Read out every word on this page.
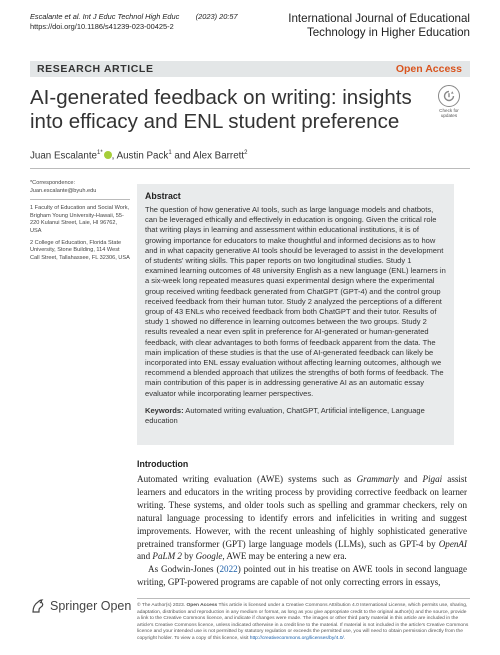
Escalante et al. Int J Educ Technol High Educ (2023) 20:57
https://doi.org/10.1186/s41239-023-00425-2
International Journal of Educational Technology in Higher Education
RESEARCH ARTICLE	Open Access
AI-generated feedback on writing: insights into efficacy and ENL student preference	Check for
updates
Juan Escalante$^{1*}$ , Austin Pack$^1$ and Alex Barrett$^2$

*Correspondence: Juan.escalante@byuh.edu

1 Faculty of Education and Social Work, Brigham Young University-Hawaii, 55-220 Kulanui Street, Laie, HI 96762, USA

2 College of Education, Florida State University, Stone Building, 114 West Call Street, Tallahassee, FL 32306, USA

Abstract

The question of how generative AI tools, such as large language models and chatbots, can be leveraged ethically and effectively in education is ongoing. Given the critical role that writing plays in learning and assessment within educational institutions, it is of growing importance for educators to make thoughtful and informed decisions as to how and in what capacity generative AI tools should be leveraged to assist in the development of students' writing skills. This paper reports on two longitudinal studies. Study 1 examined learning outcomes of 48 university English as a new language (ENL) learners in a six-week long repeated measures quasi experimental design where the experimental group received writing feedback generated from ChatGPT (GPT-4) and the control group received feedback from their human tutor. Study 2 analyzed the perceptions of a different group of 43 ENLs who received feedback from both ChatGPT and their tutor. Results of study 1 showed no difference in learning outcomes between the two groups. Study 2 results revealed a near even split in preference for AI-generated or human-generated feedback, with clear advantages to both forms of feedback apparent from the data. The main implication of these studies is that the use of AI-generated feedback can likely be incorporated into ENL essay evaluation without affecting learning outcomes, although we recommend a blended approach that utilizes the strengths of both forms of feedback. The main contribution of this paper is in addressing generative AI as an automatic essay evaluator while incorporating learner perspectives.

Keywords: Automated writing evaluation, ChatGPT, Artificial intelligence, Language education

Introduction

Automated writing evaluation (AWE) systems such as Grammarly and Pigai assist learners and educators in the writing process by providing corrective feedback on learner writing. These systems, and older tools such as spelling and grammar checkers, rely on natural language processing to identify errors and infelicities in writing and suggest improvements. However, with the recent unleashing of highly sophisticated generative pretrained transformer (GPT) large language models (LLMs), such as GPT-4 by OpenAI and PaLM 2 by Google, AWE may be entering a new era.

As Godwin-Jones (2022) pointed out in his treatise on AWE tools in second language writing, GPT-powered programs are capable of not only correcting errors in essays,

Springer Open © The Author(s) 2023. Open Access This article is licensed under a Creative Commons Attribution 4.0 International License, which permits use, sharing, adaptation, distribution and reproduction in any medium or format, as long as you give appropriate credit to the original author(s) and the source, provide a link to the Creative Commons licence, and indicate if changes were made. The images or other third party material in this article are included in the article's Creative Commons licence, unless indicated otherwise in a credit line to the material. If material is not included in the article's Creative Commons licence and your intended use is not permitted by statutory regulation or exceeds the permitted use, you will need to obtain permission directly from the copyright holder. To view a copy of this licence, visit http://creativecommons.org/licenses/by/4.0/.
